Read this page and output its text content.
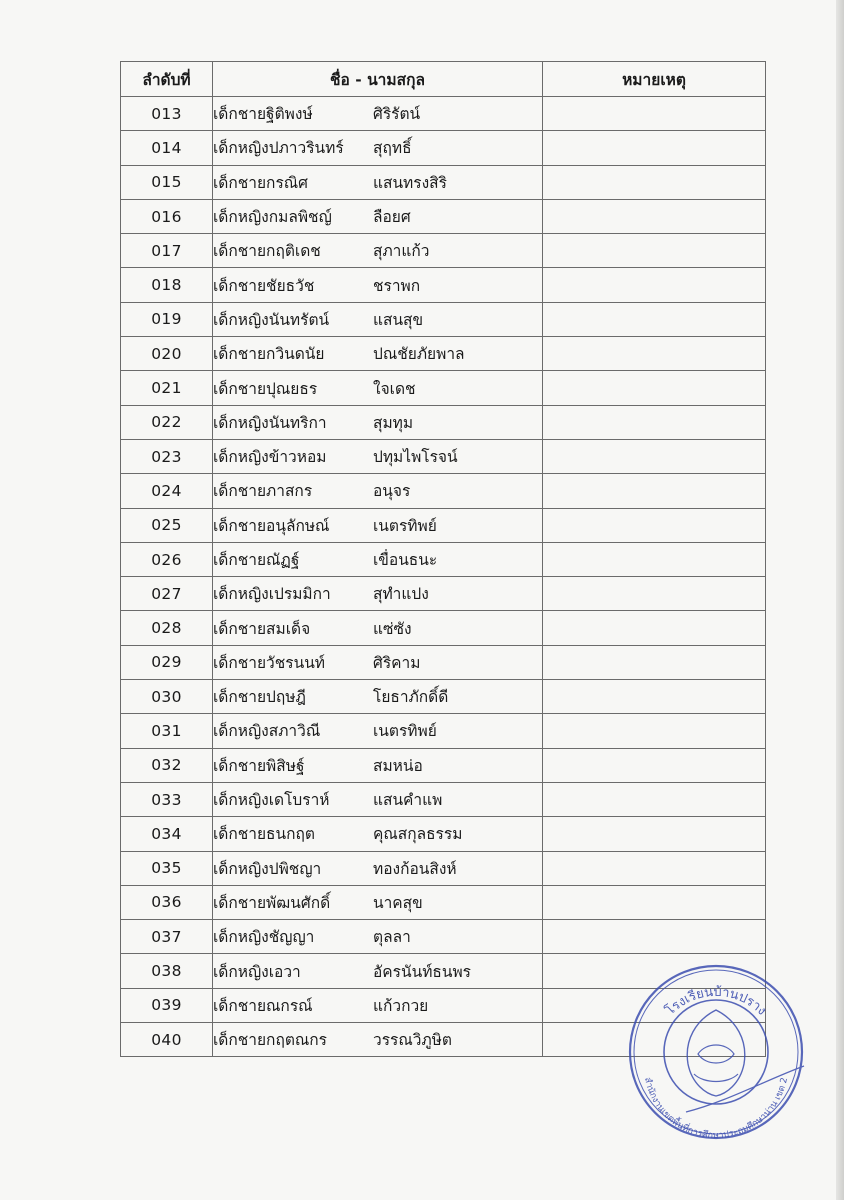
ลำดับที่	ชื่อ - นามสกุล	หมายเหตุ
013	เด็กชายฐิติพงษ์ ศิริรัตน์	
014	เด็กหญิงปภาวรินทร์ สุฤทธิ์	
015	เด็กชายกรณิศ แสนทรงสิริ	
016	เด็กหญิงกมลพิชญ์ ลือยศ	
017	เด็กชายกฤติเดช สุภาแก้ว	
018	เด็กชายชัยธวัช ชราพก	
019	เด็กหญิงนันทรัตน์ แสนสุข	
020	เด็กชายกวินดนัย ปณชัยภัยพาล	
021	เด็กชายปุณยธร ใจเดช	
022	เด็กหญิงนันทริกา สุมทุม	
023	เด็กหญิงข้าวหอม ปทุมไพโรจน์	
024	เด็กชายภาสกร อนุจร	
025	เด็กชายอนุลักษณ์ เนตรทิพย์	
026	เด็กชายณัฏฐ์ เขื่อนธนะ	
027	เด็กหญิงเปรมมิกา สุทำแปง	
028	เด็กชายสมเด็จ แซ่ซัง	
029	เด็กชายวัชรนนท์ ศิริคาม	
030	เด็กชายปฤษฎี โยธาภักดิ์ดี	
031	เด็กหญิงสภาวิณี เนตรทิพย์	
032	เด็กชายพิสิษฐ์ สมหน่อ	
033	เด็กหญิงเดโบราห์ แสนคำแพ	
034	เด็กชายธนกฤต คุณสกุลธรรม	
035	เด็กหญิงปพิชญา ทองก้อนสิงห์	
036	เด็กชายพัฒนศักดิ์ นาคสุข	
037	เด็กหญิงชัญญา ตุลลา	
038	เด็กหญิงเอวา อัครนันท์ธนพร	
039	เด็กชายณกรณ์ แก้วกวย	
040	เด็กชายกฤตณกร วรรณวิภูษิต	
โรงเรียนบ้านปราง
สำนักงานเขตพื้นที่การศึกษาประถมศึกษาน่าน เขต 2
